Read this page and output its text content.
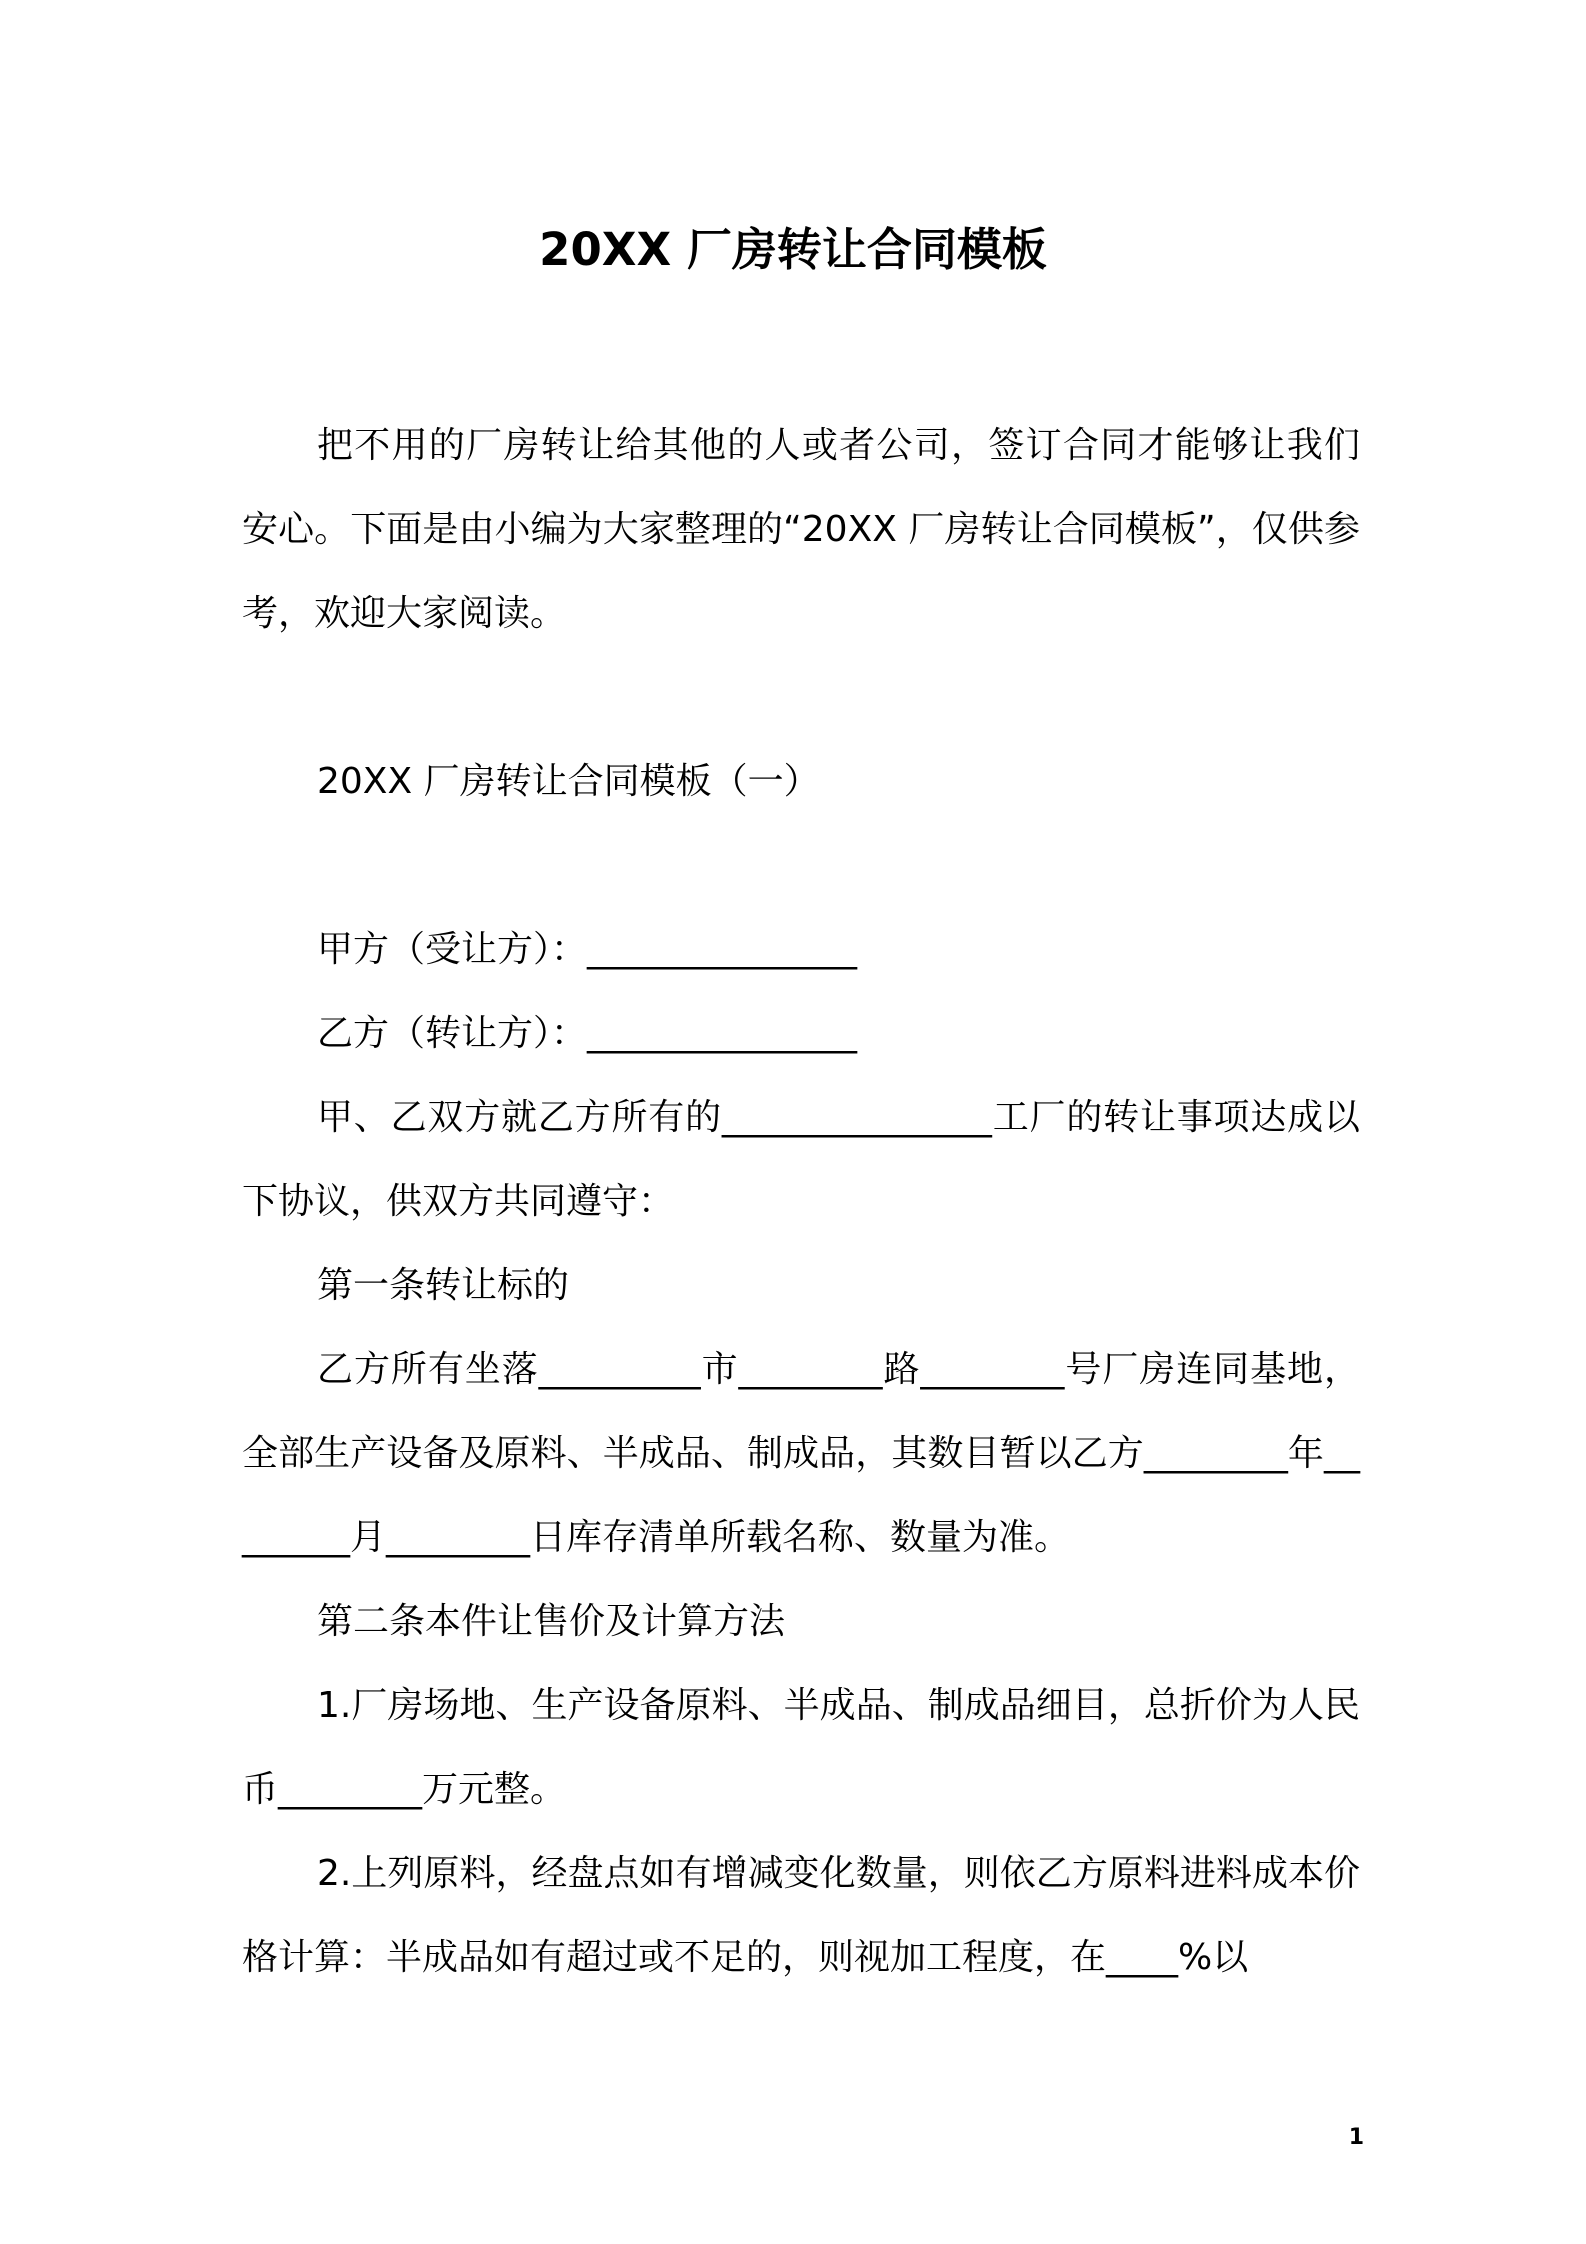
20XX 厂房转让合同模板

把不用的厂房转让给其他的人或者公司，签订合同才能够让我们安心。下面是由小编为大家整理的“20XX 厂房转让合同模板”，仅供参考，欢迎大家阅读。

20XX 厂房转让合同模板（一）

甲方（受让方）：_______________

乙方（转让方）：_______________

甲、乙双方就乙方所有的_______________工厂的转让事项达成以下协议，供双方共同遵守：

第一条转让标的

乙方所有坐落_________市________路________号厂房连同基地，全部生产设备及原料、半成品、制成品，其数目暂以乙方________年________月________日库存清单所载名称、数量为准。

第二条本件让售价及计算方法

1.厂房场地、生产设备原料、半成品、制成品细目，总折价为人民币________万元整。

2.上列原料，经盘点如有增减变化数量，则依乙方原料进料成本价格计算：半成品如有超过或不足的，则视加工程度，在____%以

1
